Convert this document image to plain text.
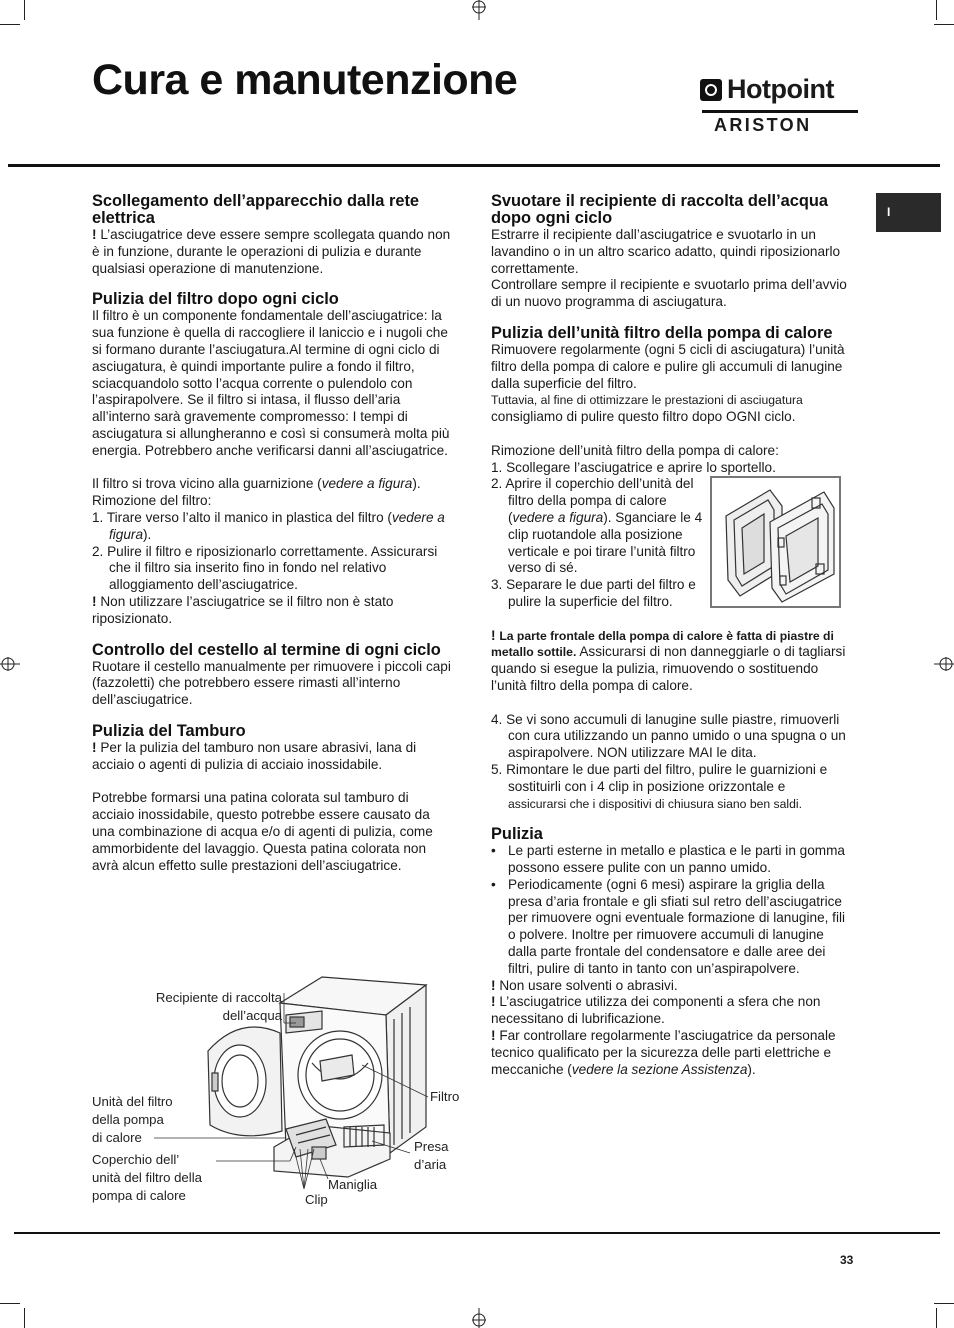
Cura e manutenzione	Hotpoint
ARISTON
I
Scollegamento dell’apparecchio dalla rete elettrica

! L’asciugatrice deve essere sempre scollegata quando non è in funzione, durante le operazioni di pulizia e durante qualsiasi operazione di manutenzione.

Pulizia del filtro dopo ogni ciclo

Il filtro è un componente fondamentale dell’asciugatrice: la sua funzione è quella di raccogliere il laniccio e i nugoli che si formano durante l’asciugatura.Al termine di ogni ciclo di asciugatura, è quindi importante pulire a fondo il filtro, sciacquandolo sotto l’acqua corrente o pulendolo con l’aspirapolvere. Se il filtro si intasa, il flusso dell’aria all’interno sarà gravemente compromesso: I tempi di asciugatura si allungheranno e così si consumerà molta più energia. Potrebbero anche verificarsi danni all’asciugatrice.

Il filtro si trova vicino alla guarnizione (vedere a figura).

Rimozione del filtro:

1. Tirare verso l’alto il manico in plastica del filtro (vedere a figura).
2. Pulire il filtro e riposizionarlo correttamente. Assicurarsi che il filtro sia inserito fino in fondo nel relativo alloggiamento dell’asciugatrice.

! Non utilizzare l’asciugatrice se il filtro non è stato riposizionato.

Controllo del cestello al termine di ogni ciclo

Ruotare il cestello manualmente per rimuovere i piccoli capi (fazzoletti) che potrebbero essere rimasti all’interno dell’asciugatrice.

Pulizia del Tamburo

! Per la pulizia del tamburo non usare abrasivi, lana di acciaio o agenti di pulizia di acciaio inossidabile.

Potrebbe formarsi una patina colorata sul tamburo di acciaio inossidabile, questo potrebbe essere causato da una combinazione di acqua e/o di agenti di pulizia, come ammorbidente del lavaggio. Questa patina colorata non avrà alcun effetto sulle prestazioni dell’asciugatrice.

Svuotare il recipiente di raccolta dell’acqua dopo ogni ciclo

Estrarre il recipiente dall’asciugatrice e svuotarlo in un lavandino o in un altro scarico adatto, quindi riposizionarlo correttamente.

Controllare sempre il recipiente e svuotarlo prima dell’avvio di un nuovo programma di asciugatura.

Pulizia dell’unità filtro della pompa di calore

Rimuovere regolarmente (ogni 5 cicli di asciugatura) l’unità filtro della pompa di calore e pulire gli accumuli di lanugine dalla superficie del filtro.

Tuttavia, al fine di ottimizzare le prestazioni di asciugatura

consigliamo di pulire questo filtro dopo OGNI ciclo.

Rimozione dell’unità filtro della pompa di calore:

1. Scollegare l’asciugatrice e aprire lo sportello.
2. Aprire il coperchio dell’unità del filtro della pompa di calore (vedere a figura). Sganciare le 4 clip ruotandole alla posizione verticale e poi tirare l’unità filtro verso di sé.
3. Separare le due parti del filtro e pulire la superficie del filtro.

! La parte frontale della pompa di calore è fatta di piastre di metallo sottile. Assicurarsi di non danneggiarle o di tagliarsi quando si esegue la pulizia, rimuovendo o sostituendo l’unità filtro della pompa di calore.

4. Se vi sono accumuli di lanugine sulle piastre, rimuoverli con cura utilizzando un panno umido o una spugna o un aspirapolvere. NON utilizzare MAI le dita.
5. Rimontare le due parti del filtro, pulire le guarnizioni e sostituirli con i 4 clip in posizione orizzontale e assicurarsi che i dispositivi di chiusura siano ben saldi.
Pulizia
• Le parti esterne in metallo e plastica e le parti in gomma possono essere pulite con un panno umido.
• Periodicamente (ogni 6 mesi) aspirare la griglia della presa d’aria frontale e gli sfiati sul retro dell’asciugatrice per rimuovere ogni eventuale formazione di lanugine, fili o polvere. Inoltre per rimuovere accumuli di lanugine dalla parte frontale del condensatore e dalle aree dei filtri, pulire di tanto in tanto con un’aspirapolvere.

! Non usare solventi o abrasivi.

! L’asciugatrice utilizza dei componenti a sfera che non necessitano di lubrificazione.

! Far controllare regolarmente l’asciugatrice da personale tecnico qualificato per la sicurezza delle parti elettriche e meccaniche (vedere la sezione Assistenza).

Recipiente di raccolta
dell’acqua
Unità del filtro
della pompa
di calore
Coperchio dell’
unità del filtro della
pompa di calore
Filtro
Presa
d’aria
Maniglia
Clip
33
